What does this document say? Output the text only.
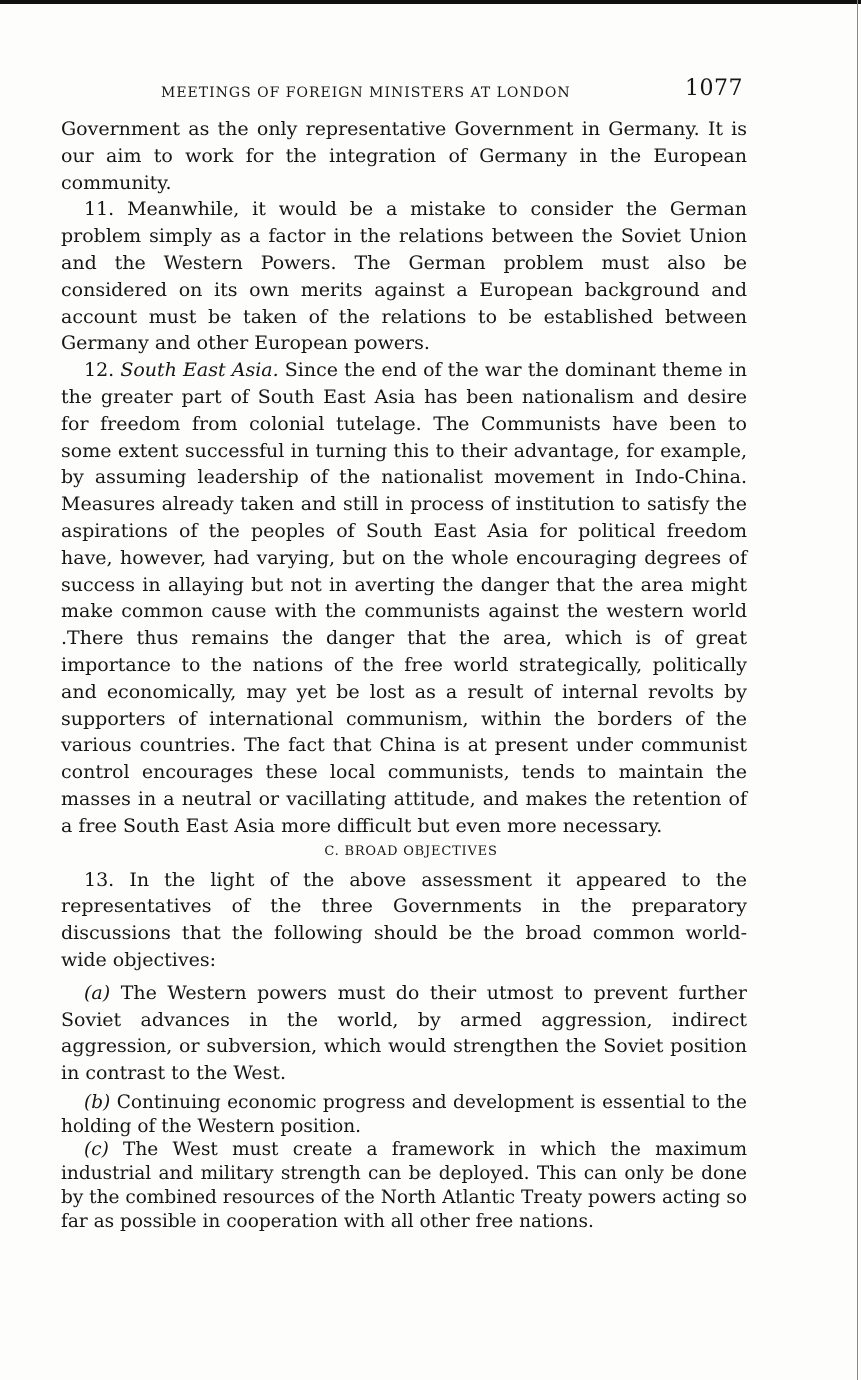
MEETINGS OF FOREIGN MINISTERS AT LONDON	1077

Government as the only representative Government in Germany. It is our aim to work for the integration of Germany in the European community.

11. Meanwhile, it would be a mistake to consider the German problem simply as a factor in the relations between the Soviet Union and the Western Powers. The German problem must also be considered on its own merits against a European background and account must be taken of the relations to be established between Germany and other European powers.

12. South East Asia. Since the end of the war the dominant theme in the greater part of South East Asia has been nationalism and desire for freedom from colonial tutelage. The Communists have been to some extent successful in turning this to their advantage, for example, by assuming leadership of the nationalist movement in Indo-China. Measures already taken and still in process of institution to satisfy the aspirations of the peoples of South East Asia for political freedom have, however, had varying, but on the whole encouraging degrees of success in allaying but not in averting the danger that the area might make common cause with the communists against the western world .There thus remains the danger that the area, which is of great importance to the nations of the free world strategically, politically and economically, may yet be lost as a result of internal revolts by supporters of international communism, within the borders of the various countries. The fact that China is at present under communist control encourages these local communists, tends to maintain the masses in a neutral or vacillating attitude, and makes the retention of a free South East Asia more difficult but even more necessary.

C. BROAD OBJECTIVES

13. In the light of the above assessment it appeared to the representatives of the three Governments in the preparatory discussions that the following should be the broad common world-wide objectives:

(a) The Western powers must do their utmost to prevent further Soviet advances in the world, by armed aggression, indirect aggression, or subversion, which would strengthen the Soviet position in contrast to the West.

(b) Continuing economic progress and development is essential to the holding of the Western position.

(c) The West must create a framework in which the maximum industrial and military strength can be deployed. This can only be done by the combined resources of the North Atlantic Treaty powers acting so far as possible in cooperation with all other free nations.
